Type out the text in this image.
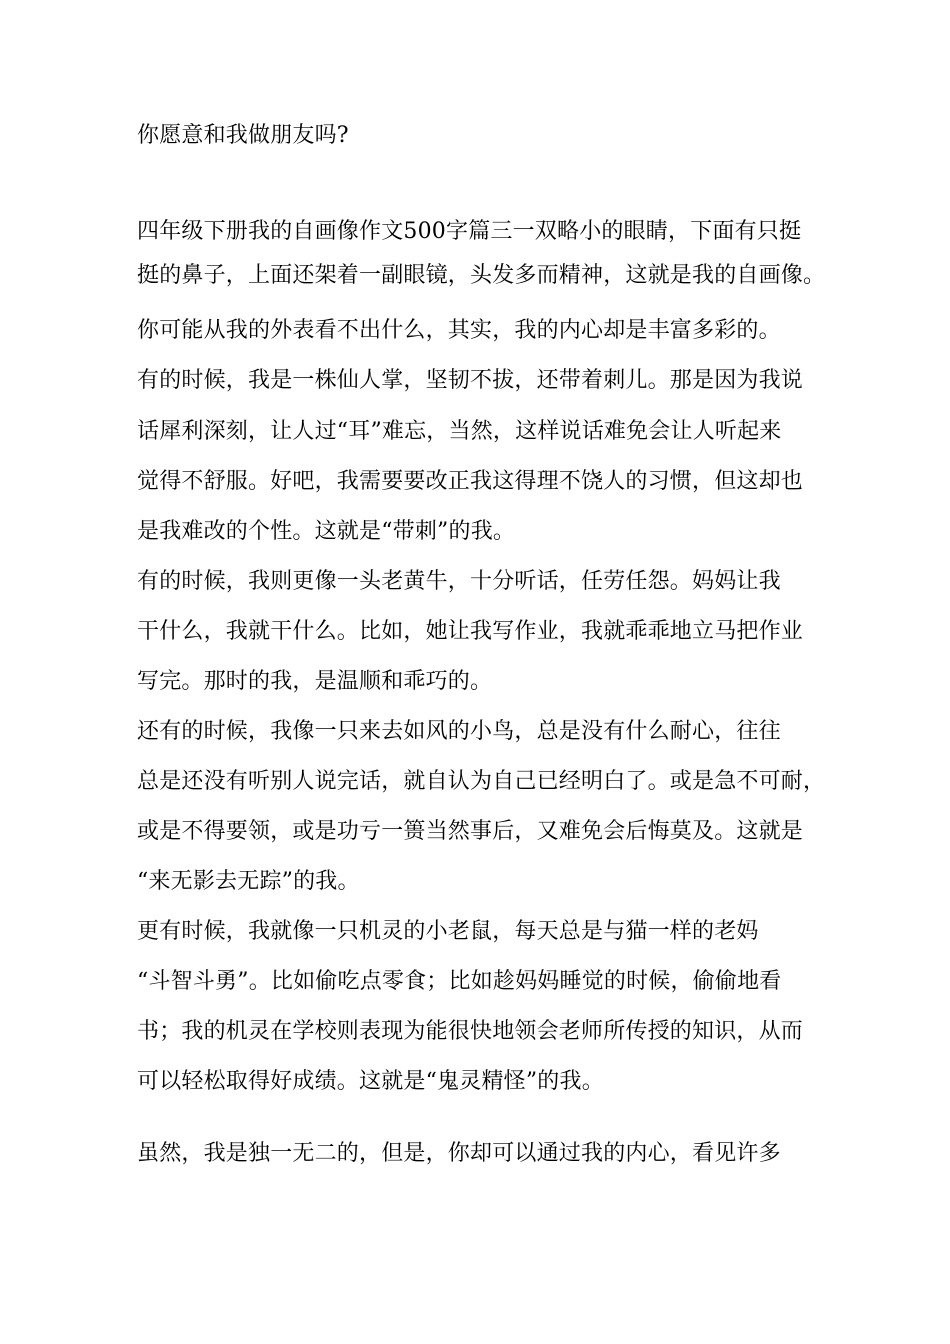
你愿意和我做朋友吗?
四年级下册我的自画像作文500字篇三一双略小的眼睛，下面有只挺
挺的鼻子，上面还架着一副眼镜，头发多而精神，这就是我的自画像。
你可能从我的外表看不出什么，其实，我的内心却是丰富多彩的。
有的时候，我是一株仙人掌，坚韧不拔，还带着刺儿。那是因为我说
话犀利深刻，让人过“耳”难忘，当然，这样说话难免会让人听起来
觉得不舒服。好吧，我需要要改正我这得理不饶人的习惯，但这却也
是我难改的个性。这就是“带刺”的我。
有的时候，我则更像一头老黄牛，十分听话，任劳任怨。妈妈让我
干什么，我就干什么。比如，她让我写作业，我就乖乖地立马把作业
写完。那时的我，是温顺和乖巧的。
还有的时候，我像一只来去如风的小鸟，总是没有什么耐心，往往
总是还没有听别人说完话，就自认为自己已经明白了。或是急不可耐，
或是不得要领，或是功亏一篑当然事后，又难免会后悔莫及。这就是
“来无影去无踪”的我。
更有时候，我就像一只机灵的小老鼠，每天总是与猫一样的老妈
“斗智斗勇”。比如偷吃点零食；比如趁妈妈睡觉的时候，偷偷地看
书；我的机灵在学校则表现为能很快地领会老师所传授的知识，从而
可以轻松取得好成绩。这就是“鬼灵精怪”的我。
虽然，我是独一无二的，但是，你却可以通过我的内心，看见许多
